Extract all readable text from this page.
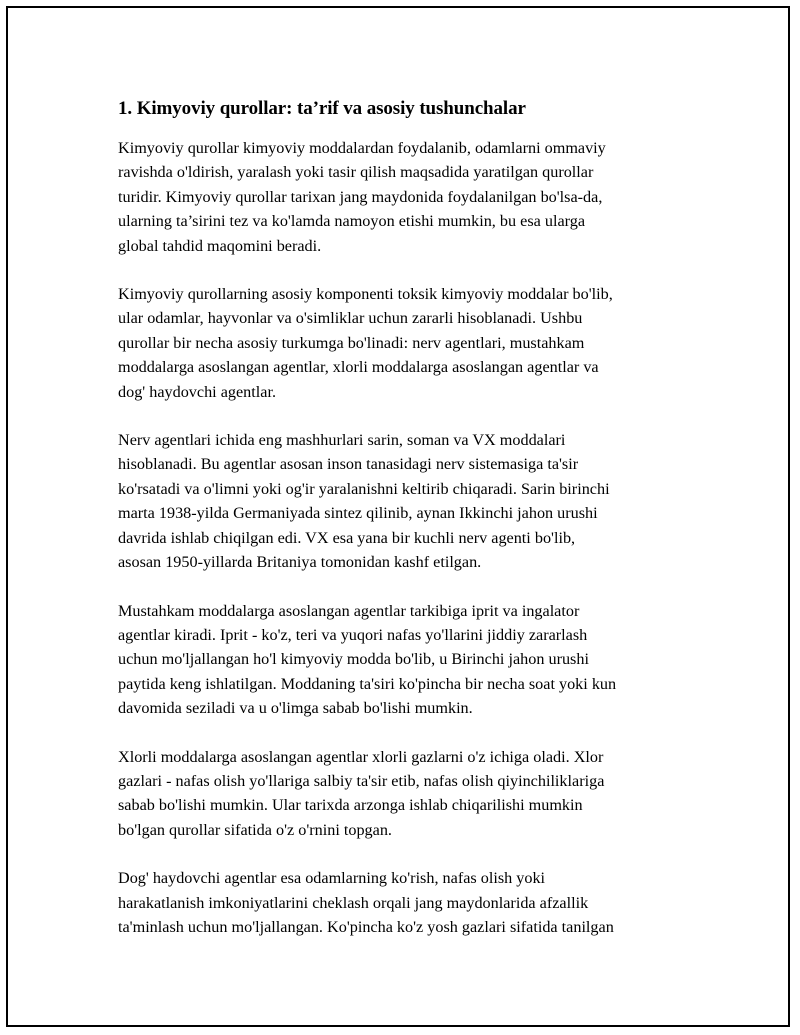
1. Kimyoviy qurollar: ta’rif va asosiy tushunchalar

Kimyoviy qurollar kimyoviy moddalardan foydalanib, odamlarni ommaviy
ravishda o'ldirish, yaralash yoki tasir qilish maqsadida yaratilgan qurollar
turidir. Kimyoviy qurollar tarixan jang maydonida foydalanilgan bo'lsa-da,
ularning ta’sirini tez va ko'lamda namoyon etishi mumkin, bu esa ularga
global tahdid maqomini beradi.

Kimyoviy qurollarning asosiy komponenti toksik kimyoviy moddalar bo'lib,
ular odamlar, hayvonlar va o'simliklar uchun zararli hisoblanadi. Ushbu
qurollar bir necha asosiy turkumga bo'linadi: nerv agentlari, mustahkam
moddalarga asoslangan agentlar, xlorli moddalarga asoslangan agentlar va
dog' haydovchi agentlar.

Nerv agentlari ichida eng mashhurlari sarin, soman va VX moddalari
hisoblanadi. Bu agentlar asosan inson tanasidagi nerv sistemasiga ta'sir
ko'rsatadi va o'limni yoki og'ir yaralanishni keltirib chiqaradi. Sarin birinchi
marta 1938-yilda Germaniyada sintez qilinib, aynan Ikkinchi jahon urushi
davrida ishlab chiqilgan edi. VX esa yana bir kuchli nerv agenti bo'lib,
asosan 1950-yillarda Britaniya tomonidan kashf etilgan.

Mustahkam moddalarga asoslangan agentlar tarkibiga iprit va ingalator
agentlar kiradi. Iprit - ko'z, teri va yuqori nafas yo'llarini jiddiy zararlash
uchun mo'ljallangan ho'l kimyoviy modda bo'lib, u Birinchi jahon urushi
paytida keng ishlatilgan. Moddaning ta'siri ko'pincha bir necha soat yoki kun
davomida seziladi va u o'limga sabab bo'lishi mumkin.

Xlorli moddalarga asoslangan agentlar xlorli gazlarni o'z ichiga oladi. Xlor
gazlari - nafas olish yo'llariga salbiy ta'sir etib, nafas olish qiyinchiliklariga
sabab bo'lishi mumkin. Ular tarixda arzonga ishlab chiqarilishi mumkin
bo'lgan qurollar sifatida o'z o'rnini topgan.

Dog' haydovchi agentlar esa odamlarning ko'rish, nafas olish yoki
harakatlanish imkoniyatlarini cheklash orqali jang maydonlarida afzallik
ta'minlash uchun mo'ljallangan. Ko'pincha ko'z yosh gazlari sifatida tanilgan
